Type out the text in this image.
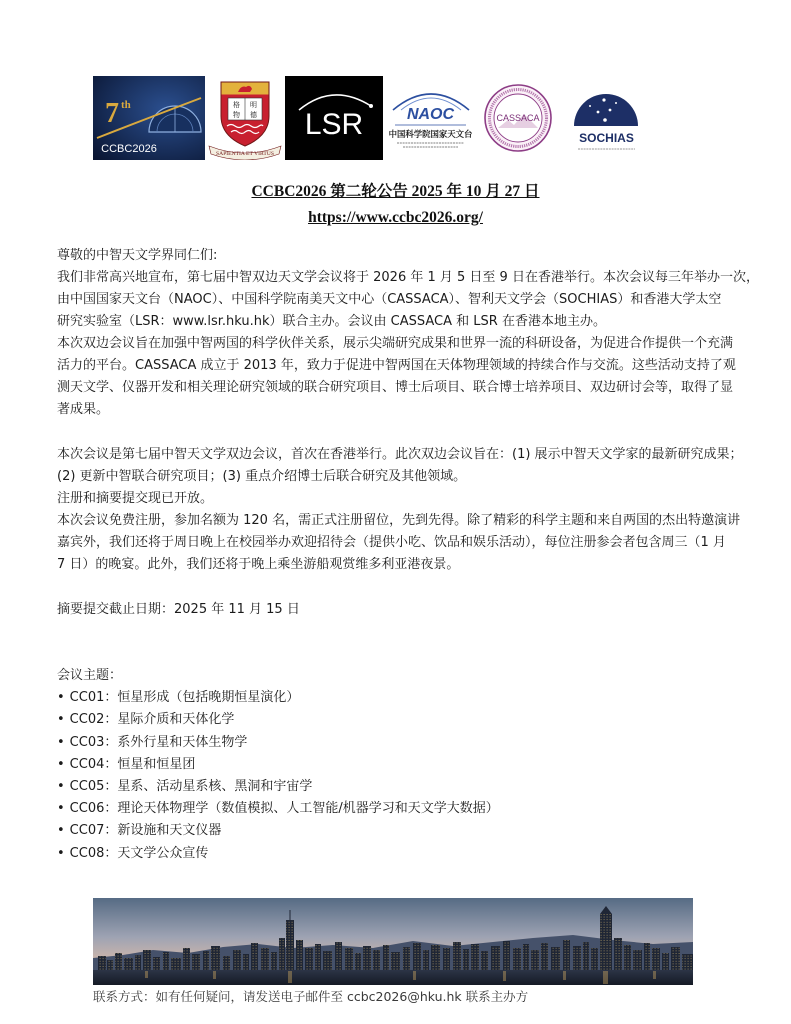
7 th
CCBC2026
格
物
明
德
SAPIENTIA ET VIRTUS
LSR	NAOC
中国科学院国家天文台
CASSACA
SOCHIAS
CCBC2026 第二轮公告 2025 年 10 月 27 日
https://www.ccbc2026.org/
尊敬的中智天文学界同仁们:
我们非常高兴地宣布，第七届中智双边天文学会议将于 2026 年 1 月 5 日至 9 日在香港举行。本次会议每三年举办一次，
由中国国家天文台（NAOC）、中国科学院南美天文中心（CASSACA）、智利天文学会（SOCHIAS）和香港大学太空
研究实验室（LSR：www.lsr.hku.hk）联合主办。会议由 CASSACA 和 LSR 在香港本地主办。
本次双边会议旨在加强中智两国的科学伙伴关系，展示尖端研究成果和世界一流的科研设备，为促进合作提供一个充满
活力的平台。CASSACA 成立于 2013 年，致力于促进中智两国在天体物理领域的持续合作与交流。这些活动支持了观
测天文学、仪器开发和相关理论研究领域的联合研究项目、博士后项目、联合博士培养项目、双边研讨会等，取得了显
著成果。
本次会议是第七届中智天文学双边会议，首次在香港举行。此次双边会议旨在：(1) 展示中智天文学家的最新研究成果；
(2) 更新中智联合研究项目；(3) 重点介绍博士后联合研究及其他领域。
注册和摘要提交现已开放。
本次会议免费注册，参加名额为 120 名，需正式注册留位，先到先得。除了精彩的科学主题和来自两国的杰出特邀演讲
嘉宾外，我们还将于周日晚上在校园举办欢迎招待会（提供小吃、饮品和娱乐活动），每位注册参会者包含周三（1 月
7 日）的晚宴。此外，我们还将于晚上乘坐游船观赏维多利亚港夜景。
摘要提交截止日期：2025 年 11 月 15 日
会议主题：
• CC01：恒星形成（包括晚期恒星演化）
• CC02：星际介质和天体化学
• CC03：系外行星和天体生物学
• CC04：恒星和恒星团
• CC05：星系、活动星系核、黑洞和宇宙学
• CC06：理论天体物理学（数值模拟、人工智能/机器学习和天文学大数据）
• CC07：新设施和天文仪器
• CC08：天文学公众宣传
联系方式：如有任何疑问，请发送电子邮件至 ccbc2026@hku.hk 联系主办方
